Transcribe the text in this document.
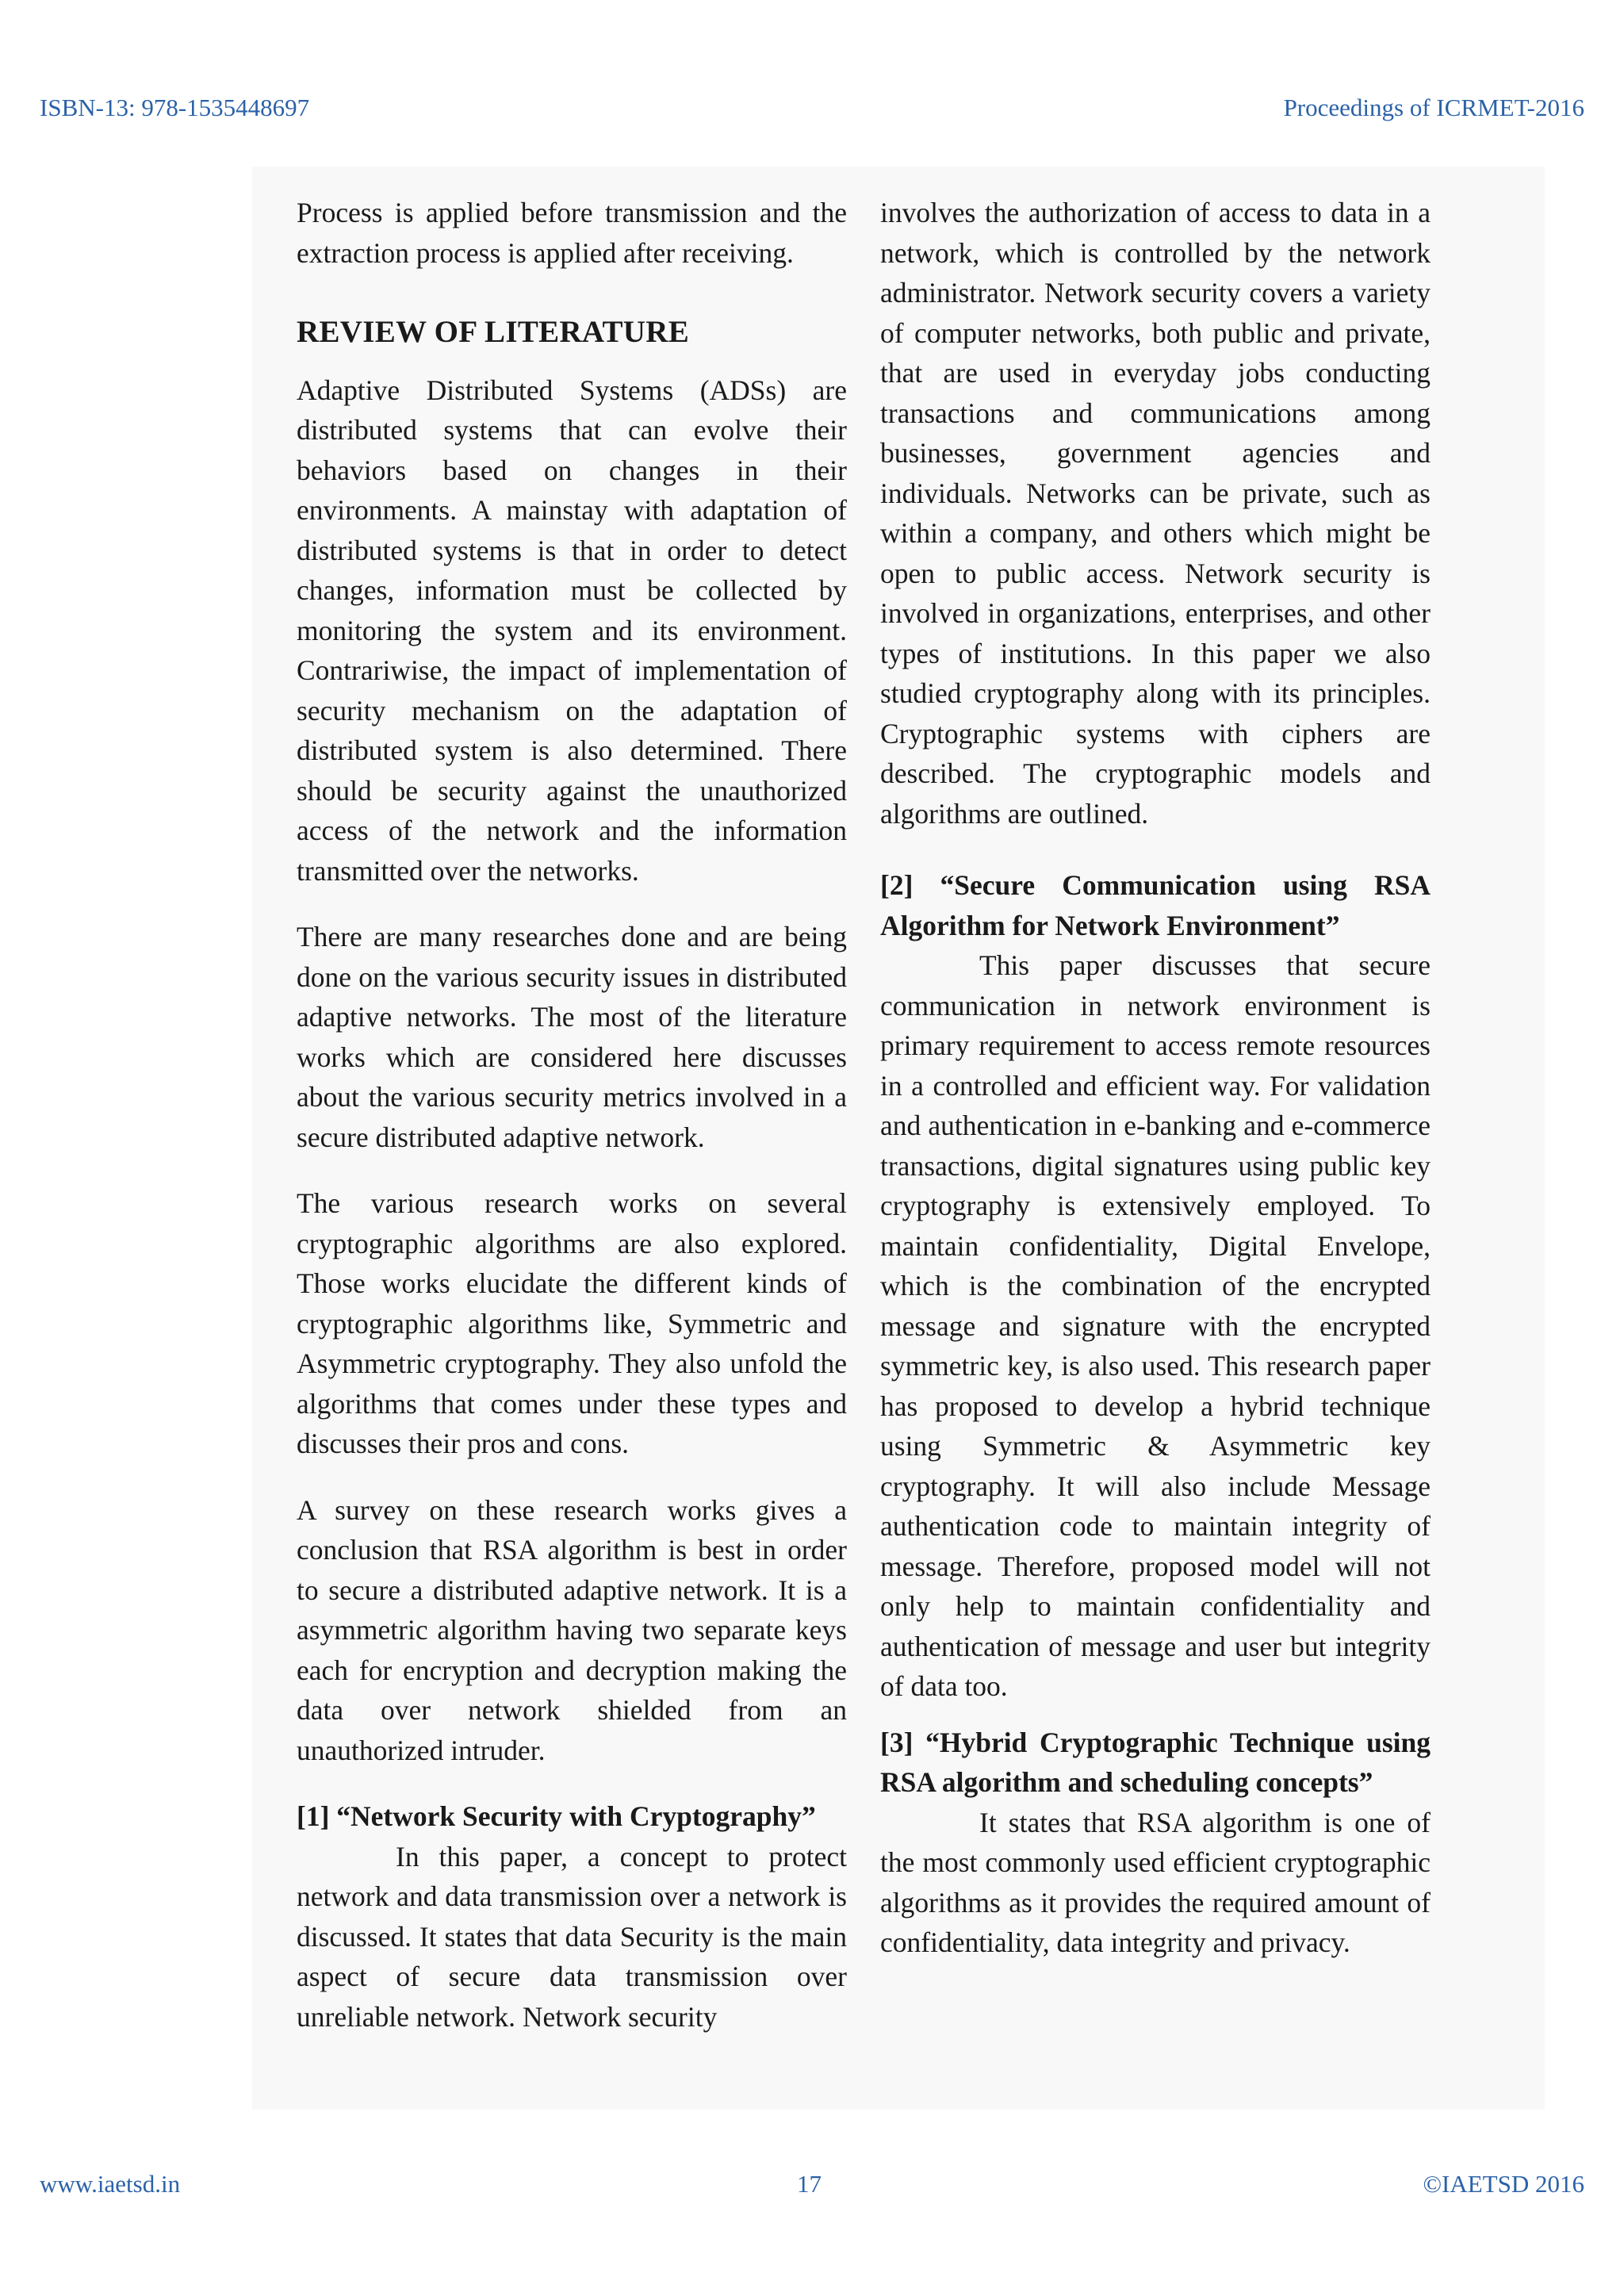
ISBN-13: 978-1535448697	Proceedings of ICRMET-2016

Process is applied before transmission and the extraction process is applied after receiving.

REVIEW OF LITERATURE

Adaptive Distributed Systems (ADSs) are distributed systems that can evolve their behaviors based on changes in their environments. A mainstay with adaptation of distributed systems is that in order to detect changes, information must be collected by monitoring the system and its environment. Contrariwise, the impact of implementation of security mechanism on the adaptation of distributed system is also determined. There should be security against the unauthorized access of the network and the information transmitted over the networks.

There are many researches done and are being done on the various security issues in distributed adaptive networks. The most of the literature works which are considered here discusses about the various security metrics involved in a secure distributed adaptive network.

The various research works on several cryptographic algorithms are also explored. Those works elucidate the different kinds of cryptographic algorithms like, Symmetric and Asymmetric cryptography. They also unfold the algorithms that comes under these types and discusses their pros and cons.

A survey on these research works gives a conclusion that RSA algorithm is best in order to secure a distributed adaptive network. It is a asymmetric algorithm having two separate keys each for encryption and decryption making the data over network shielded from an unauthorized intruder.

[1] “Network Security with Cryptography”

In this paper, a concept to protect network and data transmission over a network is discussed. It states that data Security is the main aspect of secure data transmission over unreliable network. Network security

involves the authorization of access to data in a network, which is controlled by the network administrator. Network security covers a variety of computer networks, both public and private, that are used in everyday jobs conducting transactions and communications among businesses, government agencies and individuals. Networks can be private, such as within a company, and others which might be open to public access. Network security is involved in organizations, enterprises, and other types of institutions. In this paper we also studied cryptography along with its principles. Cryptographic systems with ciphers are described. The cryptographic models and algorithms are outlined.

[2] “Secure Communication using RSA Algorithm for Network Environment”

This paper discusses that secure communication in network environment is primary requirement to access remote resources in a controlled and efficient way. For validation and authentication in e-banking and e-commerce transactions, digital signatures using public key cryptography is extensively employed. To maintain confidentiality, Digital Envelope, which is the combination of the encrypted message and signature with the encrypted symmetric key, is also used. This research paper has proposed to develop a hybrid technique using Symmetric & Asymmetric key cryptography. It will also include Message authentication code to maintain integrity of message. Therefore, proposed model will not only help to maintain confidentiality and authentication of message and user but integrity of data too.

[3] “Hybrid Cryptographic Technique using RSA algorithm and scheduling concepts”

It states that RSA algorithm is one of the most commonly used efficient cryptographic algorithms as it provides the required amount of confidentiality, data integrity and privacy.

www.iaetsd.in	17	©IAETSD 2016
